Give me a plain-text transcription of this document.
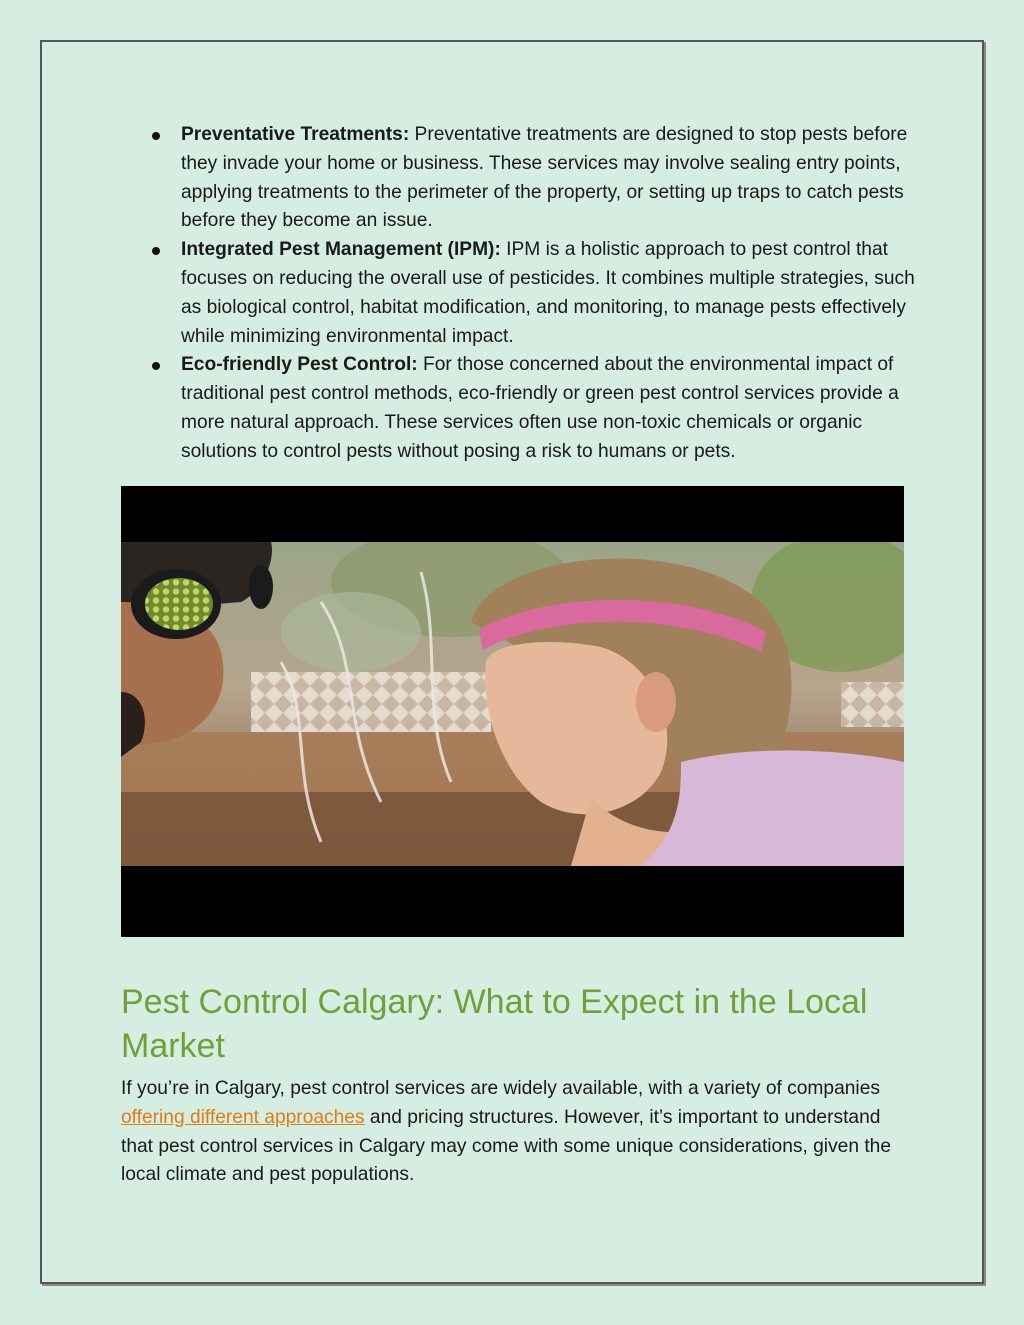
Preventative Treatments: Preventative treatments are designed to stop pests before they invade your home or business. These services may involve sealing entry points, applying treatments to the perimeter of the property, or setting up traps to catch pests before they become an issue.
Integrated Pest Management (IPM): IPM is a holistic approach to pest control that focuses on reducing the overall use of pesticides. It combines multiple strategies, such as biological control, habitat modification, and monitoring, to manage pests effectively while minimizing environmental impact.
Eco-friendly Pest Control: For those concerned about the environmental impact of traditional pest control methods, eco-friendly or green pest control services provide a more natural approach. These services often use non-toxic chemicals or organic solutions to control pests without posing a risk to humans or pets.
Pest Control Calgary: What to Expect in the Local Market

If you’re in Calgary, pest control services are widely available, with a variety of companies offering different approaches and pricing structures. However, it’s important to understand that pest control services in Calgary may come with some unique considerations, given the local climate and pest populations.
